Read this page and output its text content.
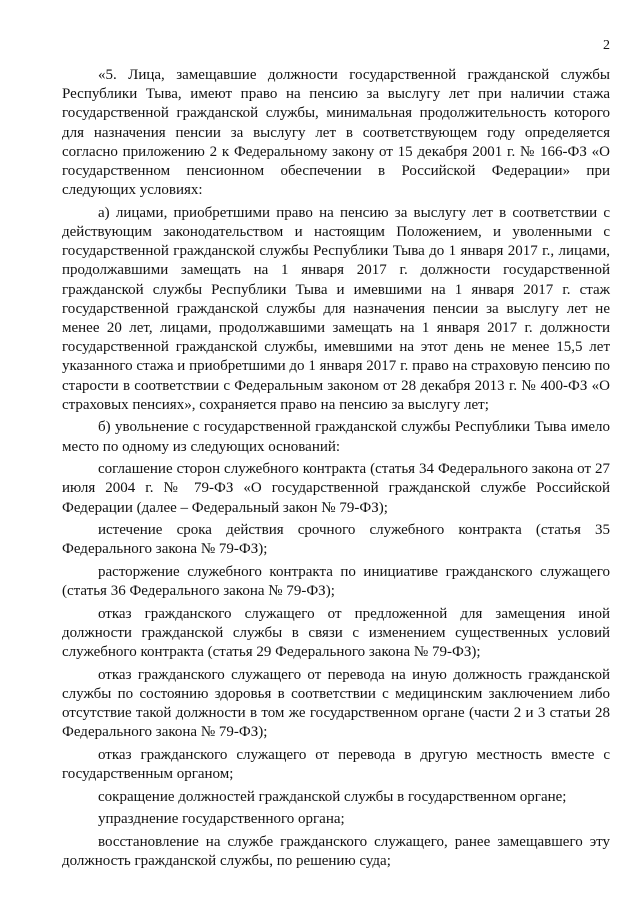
2

«5. Лица, замещавшие должности государственной гражданской службы Республики Тыва, имеют право на пенсию за выслугу лет при наличии стажа государственной гражданской службы, минимальная продолжительность которого для назначения пенсии за выслугу лет в соответствующем году определяется согласно приложению 2 к Федеральному закону от 15 декабря 2001 г. № 166-ФЗ «О государственном пенсионном обеспечении в Российской Федерации» при следующих условиях:

а) лицами, приобретшими право на пенсию за выслугу лет в соответствии с действующим законодательством и настоящим Положением, и уволенными с государственной гражданской службы Республики Тыва до 1 января 2017 г., лицами, продолжавшими замещать на 1 января 2017 г. должности государственной гражданской службы Республики Тыва и имевшими на 1 января 2017 г. стаж государственной гражданской службы для назначения пенсии за выслугу лет не менее 20 лет, лицами, продолжавшими замещать на 1 января 2017 г. должности государственной гражданской службы, имевшими на этот день не менее 15,5 лет указанного стажа и приобретшими до 1 января 2017 г. право на страховую пенсию по старости в соответствии с Федеральным законом от 28 декабря 2013 г. № 400-ФЗ «О страховых пенсиях», сохраняется право на пенсию за выслугу лет;

б) увольнение с государственной гражданской службы Республики Тыва имело место по одному из следующих оснований:

соглашение сторон служебного контракта (статья 34 Федерального закона от 27 июля 2004 г. № 79-ФЗ «О государственной гражданской службе Российской Федерации (далее – Федеральный закон № 79-ФЗ);

истечение срока действия срочного служебного контракта (статья 35 Федерального закона № 79-ФЗ);

расторжение служебного контракта по инициативе гражданского служащего (статья 36 Федерального закона № 79-ФЗ);

отказ гражданского служащего от предложенной для замещения иной должности гражданской службы в связи с изменением существенных условий служебного контракта (статья 29 Федерального закона № 79-ФЗ);

отказ гражданского служащего от перевода на иную должность гражданской службы по состоянию здоровья в соответствии с медицинским заключением либо отсутствие такой должности в том же государственном органе (части 2 и 3 статьи 28 Федерального закона № 79-ФЗ);

отказ гражданского служащего от перевода в другую местность вместе с государственным органом;

сокращение должностей гражданской службы в государственном органе;

упразднение государственного органа;

восстановление на службе гражданского служащего, ранее замещавшего эту должность гражданской службы, по решению суда;
